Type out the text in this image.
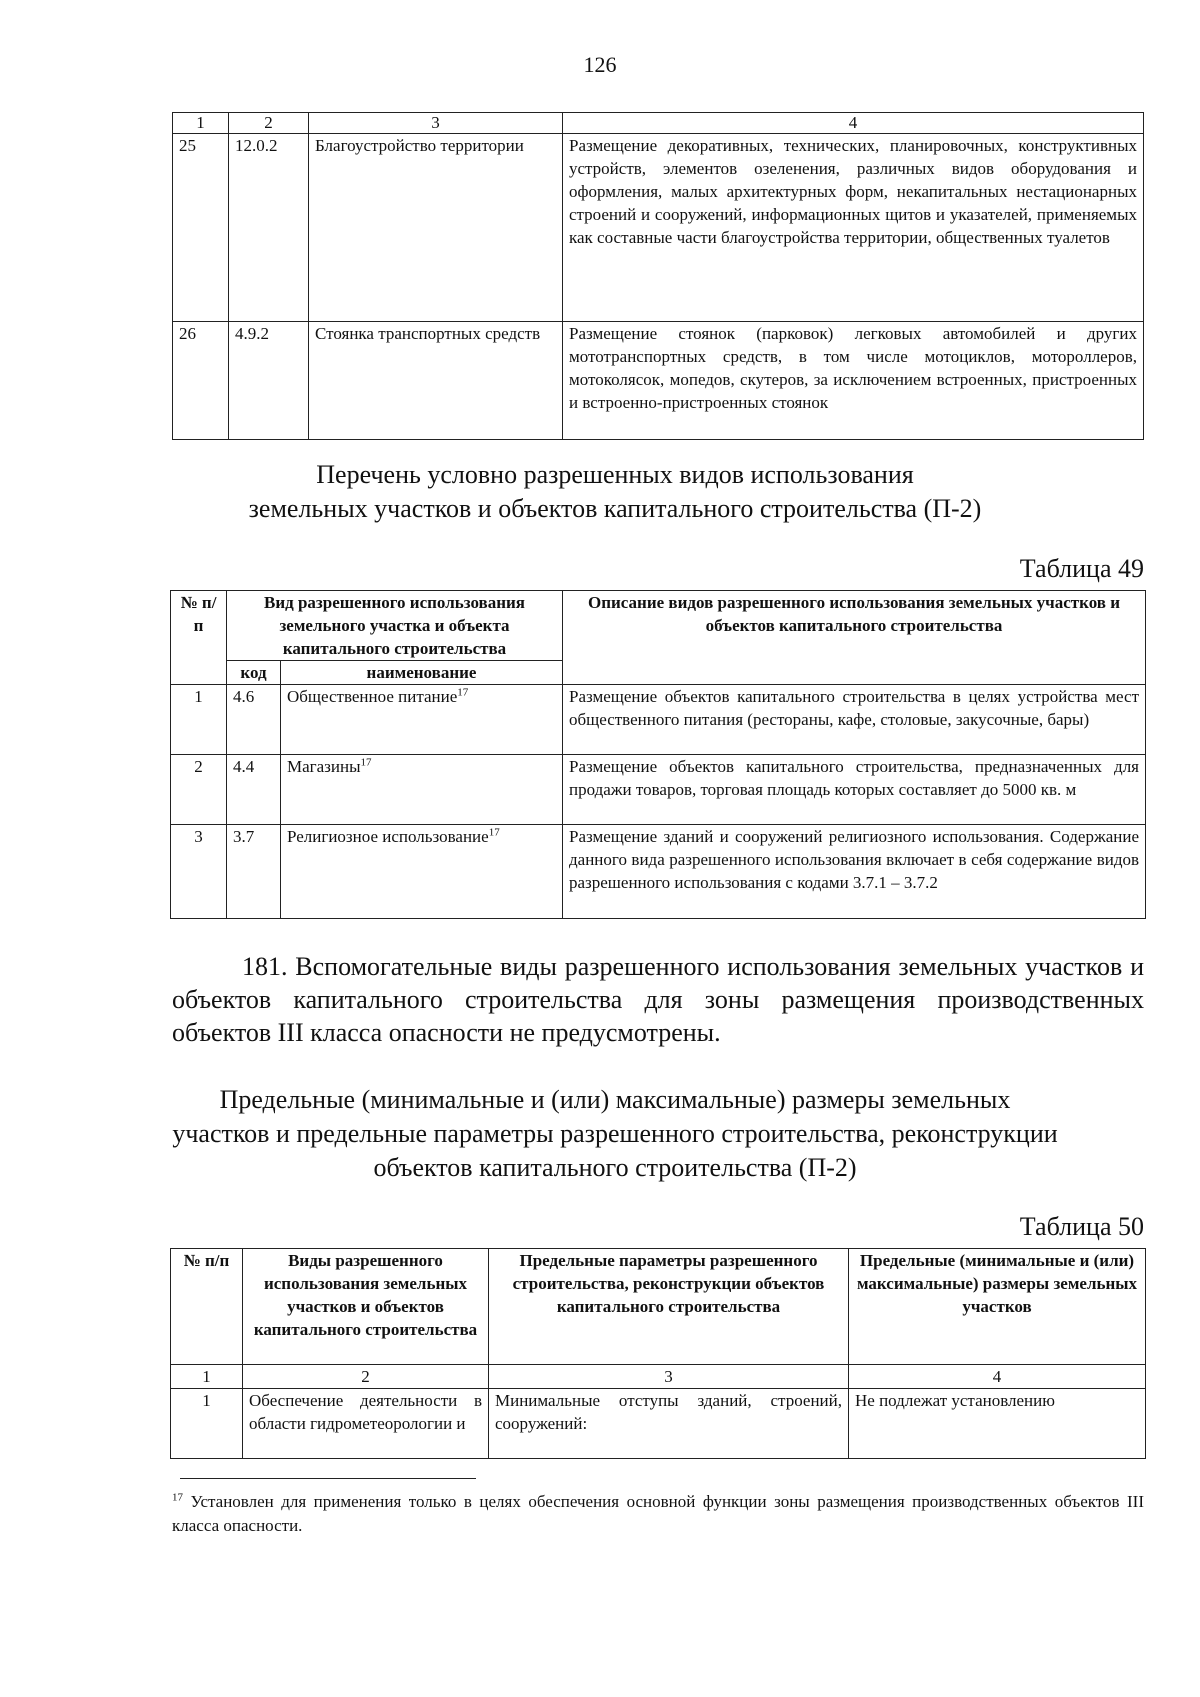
126
1	2	3	4
25	12.0.2	Благоустройство территории	Размещение декоративных, технических, планировочных, конструктивных устройств, элементов озеленения, различных видов оборудования и оформления, малых архитектурных форм, некапитальных нестационарных строений и сооружений, информационных щитов и указателей, применяемых как составные части благоустройства территории, общественных туалетов
26	4.9.2	Стоянка транспортных средств	Размещение стоянок (парковок) легковых автомобилей и других мототранспортных средств, в том числе мотоциклов, мотороллеров, мотоколясок, мопедов, скутеров, за исключением встроенных, пристроенных и встроенно-пристроенных стоянок
Перечень условно разрешенных видов использования
земельных участков и объектов капитального строительства (П-2)
Таблица 49
№ п/п	Вид разрешенного использования земельного участка и объекта капитального строительства		Описание видов разрешенного использования земельных участков и объектов капитального строительства
	код	наименование	
1	4.6	Общественное питание$^{17}$	Размещение объектов капитального строительства в целях устройства мест общественного питания (рестораны, кафе, столовые, закусочные, бары)
2	4.4	Магазины$^{17}$	Размещение объектов капитального строительства, предназначенных для продажи товаров, торговая площадь которых составляет до 5000 кв. м
3	3.7	Религиозное использование$^{17}$	Размещение зданий и сооружений религиозного использования. Содержание данного вида разрешенного использования включает в себя содержание видов разрешенного использования с кодами 3.7.1 – 3.7.2
181. Вспомогательные виды разрешенного использования земельных участков и объектов капитального строительства для зоны размещения производственных объектов III класса опасности не предусмотрены.
Предельные (минимальные и (или) максимальные) размеры земельных
участков и предельные параметры разрешенного строительства, реконструкции
объектов капитального строительства (П-2)
Таблица 50
№ п/п	Виды разрешенного использования земельных участков и объектов капитального строительства	Предельные параметры разрешенного строительства, реконструкции объектов капитального строительства	Предельные (минимальные и (или) максимальные) размеры земельных участков
1	2	3	4
1	Обеспечение деятельности в области гидрометеорологии и	Минимальные отступы зданий, строений, сооружений:	Не подлежат установлению
$^{17}$ Установлен для применения только в целях обеспечения основной функции зоны размещения производственных объектов III класса опасности.
